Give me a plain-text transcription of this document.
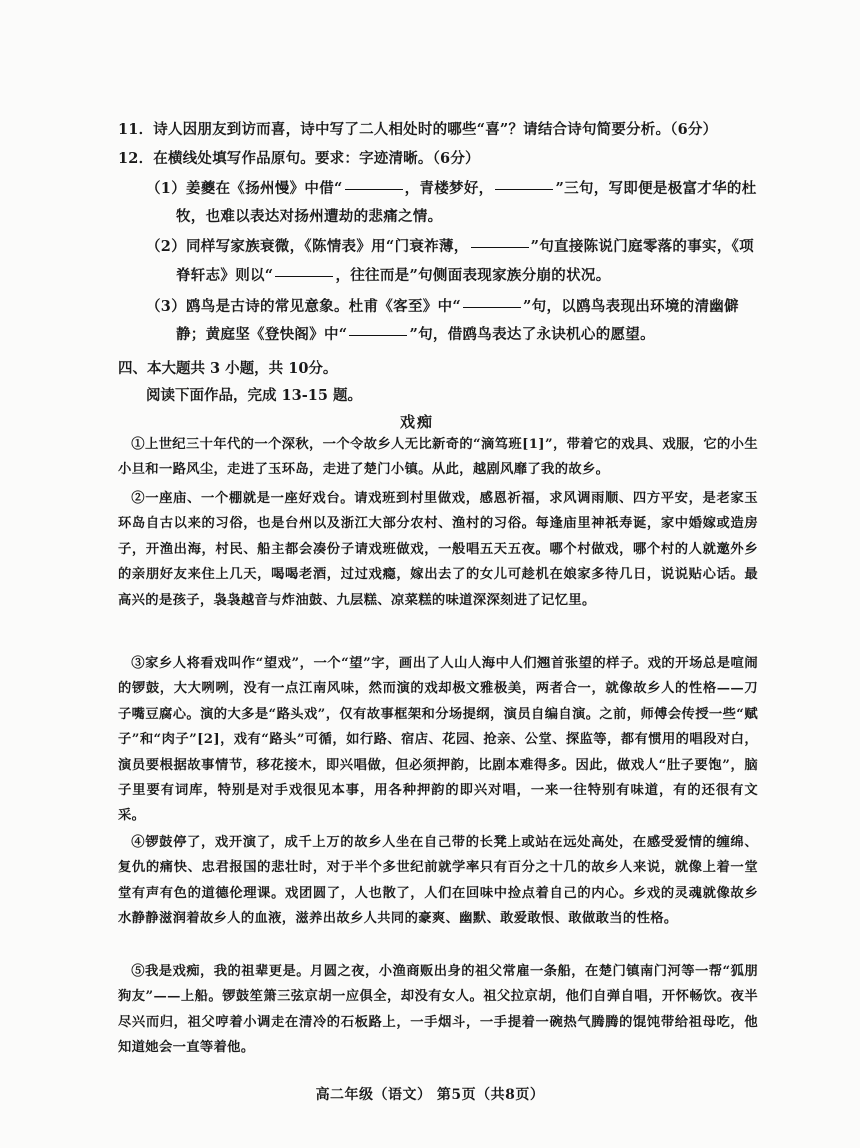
11．诗人因朋友到访而喜，诗中写了二人相处时的哪些“喜”？请结合诗句简要分析。（6分）
12．在横线处填写作品原句。要求：字迹清晰。（6分）
（1）姜夔在《扬州慢》中借“	，青楼梦好，	”三句，写即便是极富才华的杜
牧，也难以表达对扬州遭劫的悲痛之情。
（2）同样写家族衰微，《陈情表》用“门衰祚薄，	”句直接陈说门庭零落的事实，《项
脊轩志》则以“	，往往而是”句侧面表现家族分崩的状况。
（3）鸥鸟是古诗的常见意象。杜甫《客至》中“	”句，以鸥鸟表现出环境的清幽僻
静；黄庭坚《登快阁》中“	”句，借鸥鸟表达了永诀机心的愿望。
四、本大题共 3 小题，共 10分。
阅读下面作品，完成 13-15 题。
戏痴
①上世纪三十年代的一个深秋，一个令故乡人无比新奇的“滴笃班[1]”，带着它的戏具、戏服，它的小生小旦和一路风尘，走进了玉环岛，走进了楚门小镇。从此，越剧风靡了我的故乡。
②一座庙、一个棚就是一座好戏台。请戏班到村里做戏，感恩祈福，求风调雨顺、四方平安，是老家玉环岛自古以来的习俗，也是台州以及浙江大部分农村、渔村的习俗。每逢庙里神祇寿诞，家中婚嫁或造房子，开渔出海，村民、船主都会凑份子请戏班做戏，一般唱五天五夜。哪个村做戏，哪个村的人就邀外乡的亲朋好友来住上几天，喝喝老酒，过过戏瘾，嫁出去了的女儿可趁机在娘家多待几日，说说贴心话。最高兴的是孩子，袅袅越音与炸油鼓、九层糕、凉菜糕的味道深深刻进了记忆里。
③家乡人将看戏叫作“望戏”，一个“望”字，画出了人山人海中人们翘首张望的样子。戏的开场总是喧闹的锣鼓，大大咧咧，没有一点江南风味，然而演的戏却极文雅极美，两者合一，就像故乡人的性格——刀子嘴豆腐心。演的大多是“路头戏”，仅有故事框架和分场提纲，演员自编自演。之前，师傅会传授一些“赋子”和“肉子”[2]，戏有“路头”可循，如行路、宿店、花园、抢亲、公堂、探监等，都有惯用的唱段对白，演员要根据故事情节，移花接木，即兴唱做，但必须押韵，比剧本难得多。因此，做戏人“肚子要饱”，脑子里要有词库，特别是对手戏很见本事，用各种押韵的即兴对唱，一来一往特别有味道，有的还很有文采。
④锣鼓停了，戏开演了，成千上万的故乡人坐在自己带的长凳上或站在远处高处，在感受爱情的缠绵、复仇的痛快、忠君报国的悲壮时，对于半个多世纪前就学率只有百分之十几的故乡人来说，就像上着一堂堂有声有色的道德伦理课。戏团圆了，人也散了，人们在回味中捡点着自己的内心。乡戏的灵魂就像故乡水静静滋润着故乡人的血液，滋养出故乡人共同的豪爽、幽默、敢爱敢恨、敢做敢当的性格。
⑤我是戏痴，我的祖辈更是。月圆之夜，小渔商贩出身的祖父常雇一条船，在楚门镇南门河等一帮“狐朋狗友”——上船。锣鼓笙箫三弦京胡一应俱全，却没有女人。祖父拉京胡，他们自弹自唱，开怀畅饮。夜半尽兴而归，祖父哼着小调走在清冷的石板路上，一手烟斗，一手提着一碗热气腾腾的馄饨带给祖母吃，他知道她会一直等着他。
高二年级（语文） 第5页（共8页）
